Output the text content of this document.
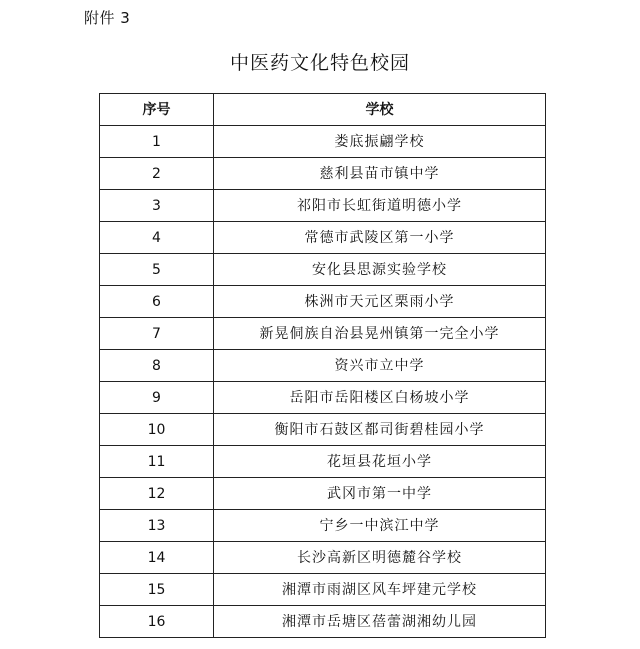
附件 3
中医药文化特色校园
序号	学校
1	娄底振翩学校
2	慈利县苗市镇中学
3	祁阳市长虹街道明德小学
4	常德市武陵区第一小学
5	安化县思源实验学校
6	株洲市天元区栗雨小学
7	新晃侗族自治县晃州镇第一完全小学
8	资兴市立中学
9	岳阳市岳阳楼区白杨坡小学
10	衡阳市石鼓区都司街碧桂园小学
11	花垣县花垣小学
12	武冈市第一中学
13	宁乡一中滨江中学
14	长沙高新区明德麓谷学校
15	湘潭市雨湖区风车坪建元学校
16	湘潭市岳塘区蓓蕾湖湘幼儿园
